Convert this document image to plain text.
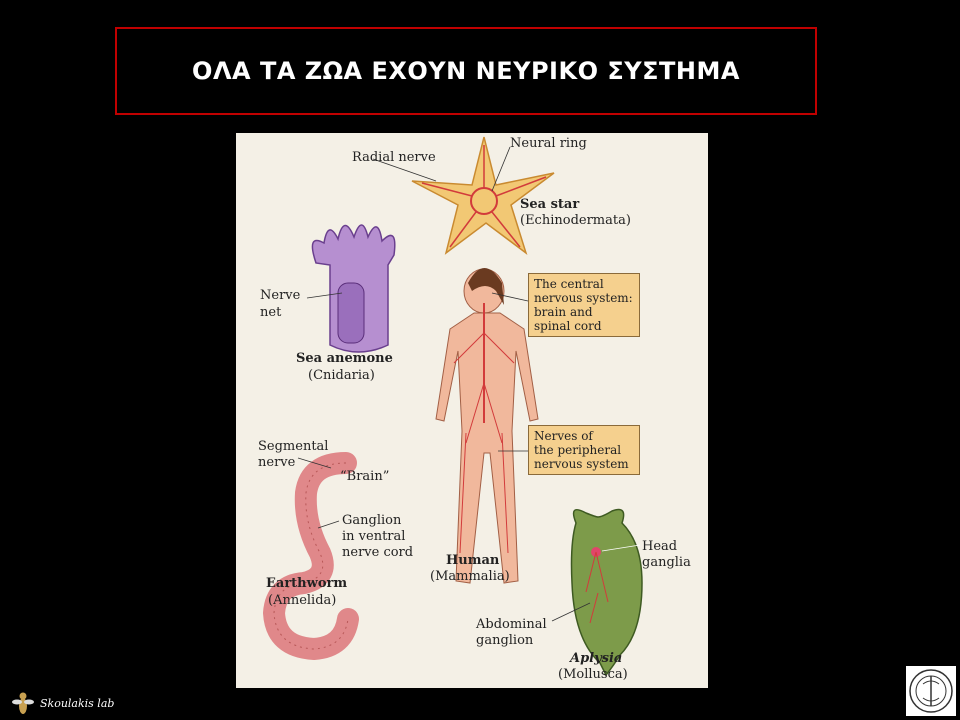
ΟΛΑ ΤΑ ΖΩΑ ΕΧΟΥΝ ΝΕΥΡΙΚΟ ΣΥΣΤΗΜΑ
Radial nerve
Neural ring
Sea star
(Echinodermata)
Nerve
net
Sea anemone
(Cnidaria)
The central
nervous system:
brain and
spinal cord
Nerves of
the peripheral
nervous system
Human
(Mammalia)
Segmental
nerve
“Brain”
Ganglion
in ventral
nerve cord
Earthworm
(Annelida)
Head
ganglia
Abdominal
ganglion
Aplysia
(Mollusca)
Skoulakis lab
